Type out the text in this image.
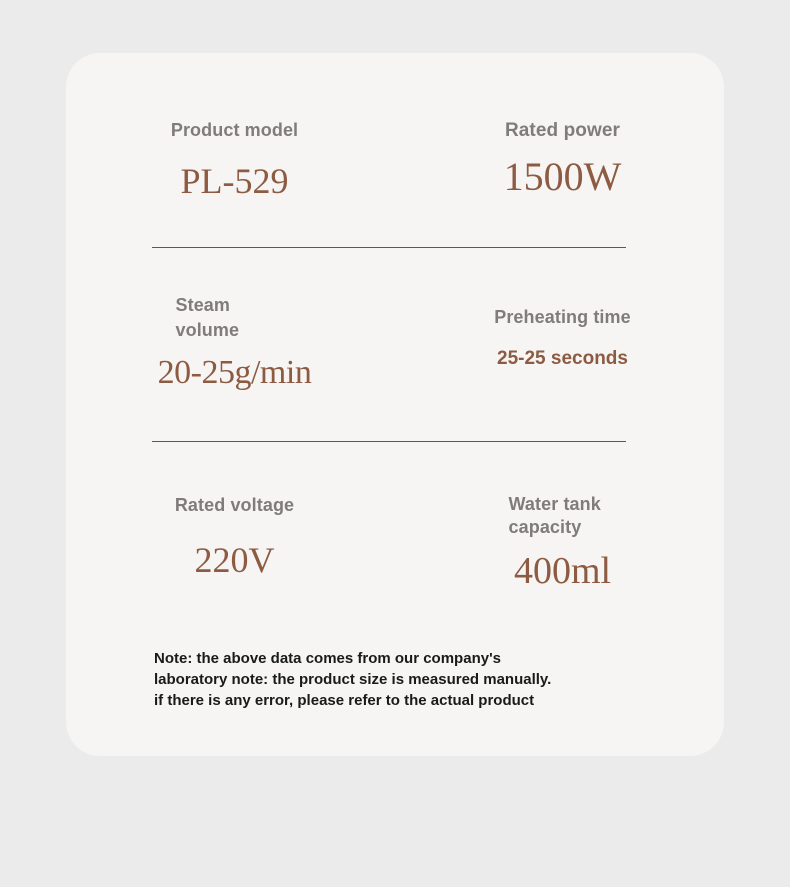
Product model
PL-529
Rated power
1500W
Steam volume
20-25g/min
Preheating time
25-25 seconds
Rated voltage
220V
Water tank capacity
400ml
Note: the above data comes from our company's
laboratory note: the product size is measured manually.
if there is any error, please refer to the actual product
